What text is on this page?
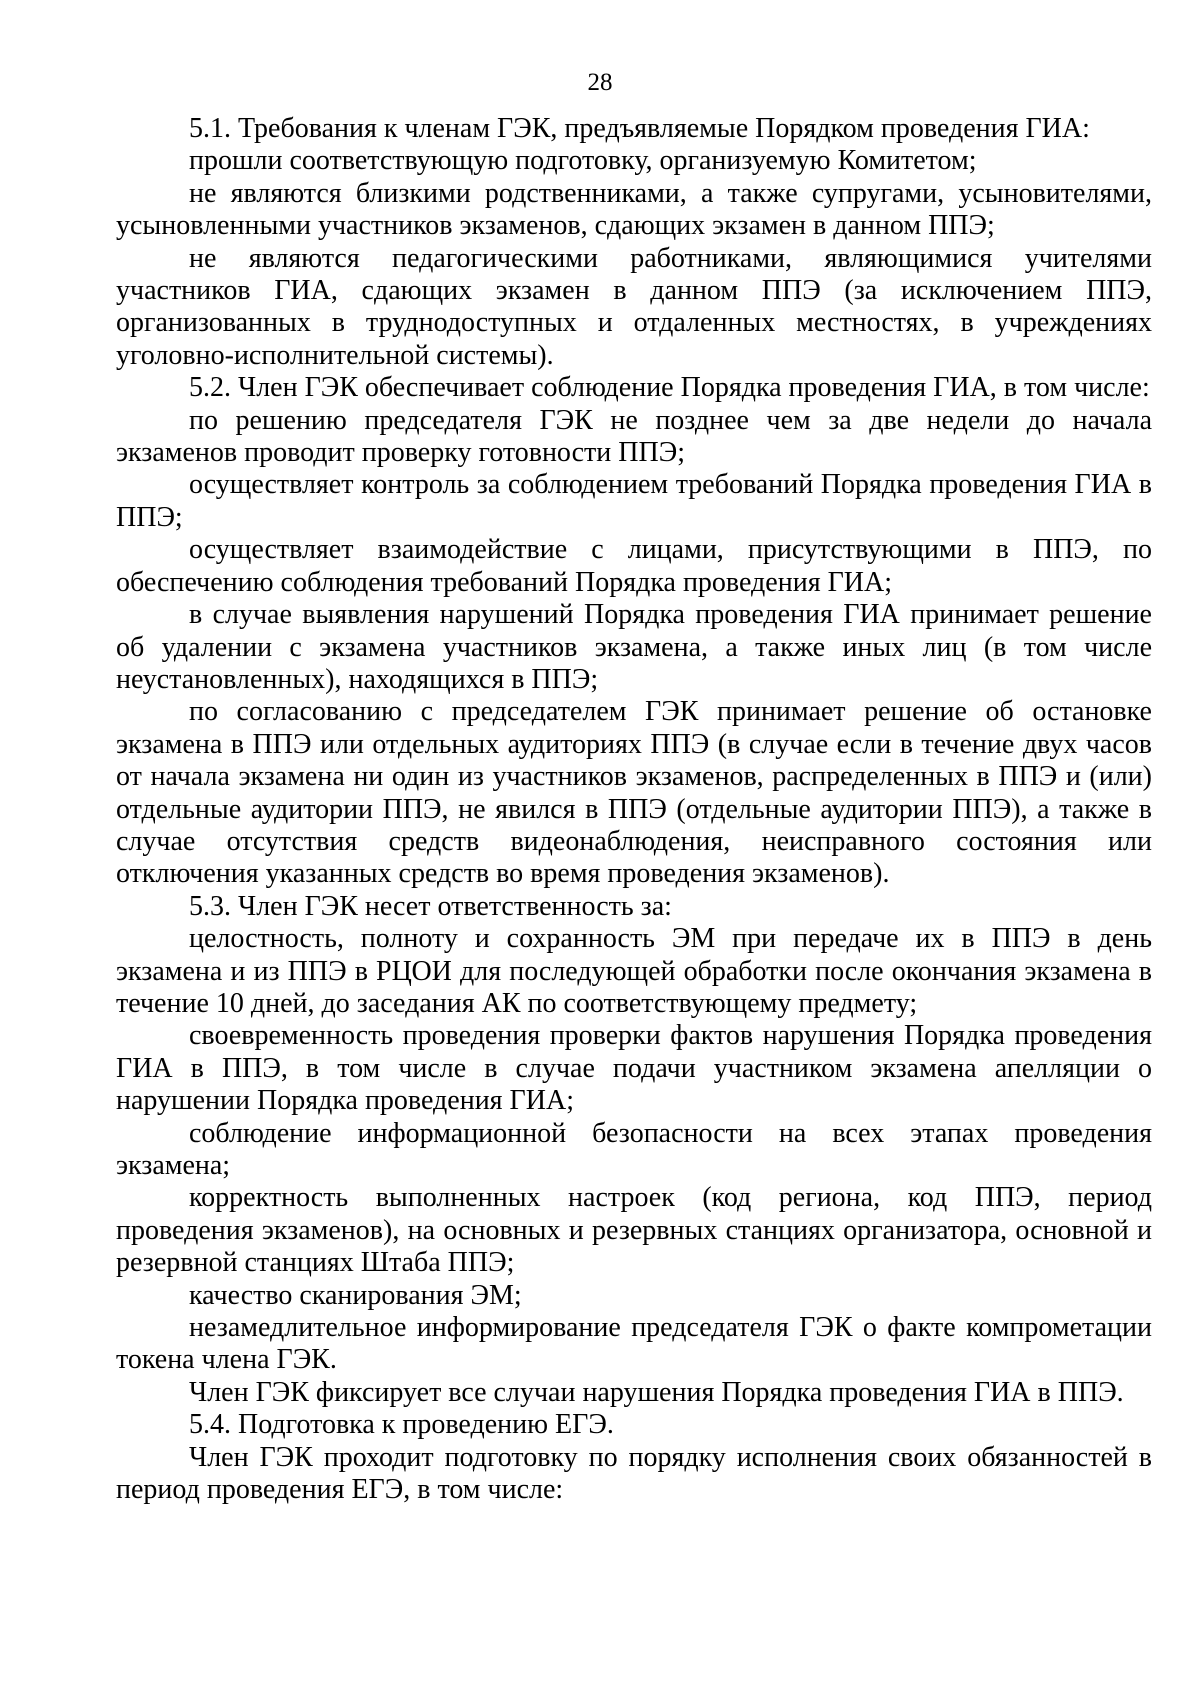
28

5.1. Требования к членам ГЭК, предъявляемые Порядком проведения ГИА:

прошли соответствующую подготовку, организуемую Комитетом;

не являются близкими родственниками, а также супругами, усыновителями, усыновленными участников экзаменов, сдающих экзамен в данном ППЭ;

не являются педагогическими работниками, являющимися учителями участников ГИА, сдающих экзамен в данном ППЭ (за исключением ППЭ, организованных в труднодоступных и отдаленных местностях, в учреждениях уголовно-исполнительной системы).

5.2. Член ГЭК обеспечивает соблюдение Порядка проведения ГИА, в том числе:

по решению председателя ГЭК не позднее чем за две недели до начала экзаменов проводит проверку готовности ППЭ;

осуществляет контроль за соблюдением требований Порядка проведения ГИА в ППЭ;

осуществляет взаимодействие с лицами, присутствующими в ППЭ, по обеспечению соблюдения требований Порядка проведения ГИА;

в случае выявления нарушений Порядка проведения ГИА принимает решение об удалении с экзамена участников экзамена, а также иных лиц (в том числе неустановленных), находящихся в ППЭ;

по согласованию с председателем ГЭК принимает решение об остановке экзамена в ППЭ или отдельных аудиториях ППЭ (в случае если в течение двух часов от начала экзамена ни один из участников экзаменов, распределенных в ППЭ и (или) отдельные аудитории ППЭ, не явился в ППЭ (отдельные аудитории ППЭ), а также в случае отсутствия средств видеонаблюдения, неисправного состояния или отключения указанных средств во время проведения экзаменов).

5.3. Член ГЭК несет ответственность за:

целостность, полноту и сохранность ЭМ при передаче их в ППЭ в день экзамена и из ППЭ в РЦОИ для последующей обработки после окончания экзамена в течение 10 дней, до заседания АК по соответствующему предмету;

своевременность проведения проверки фактов нарушения Порядка проведения ГИА в ППЭ, в том числе в случае подачи участником экзамена апелляции о нарушении Порядка проведения ГИА;

соблюдение информационной безопасности на всех этапах проведения экзамена;

корректность выполненных настроек (код региона, код ППЭ, период проведения экзаменов), на основных и резервных станциях организатора, основной и резервной станциях Штаба ППЭ;

качество сканирования ЭМ;

незамедлительное информирование председателя ГЭК о факте компрометации токена члена ГЭК.

Член ГЭК фиксирует все случаи нарушения Порядка проведения ГИА в ППЭ.

5.4. Подготовка к проведению ЕГЭ.

Член ГЭК проходит подготовку по порядку исполнения своих обязанностей в период проведения ЕГЭ, в том числе:
